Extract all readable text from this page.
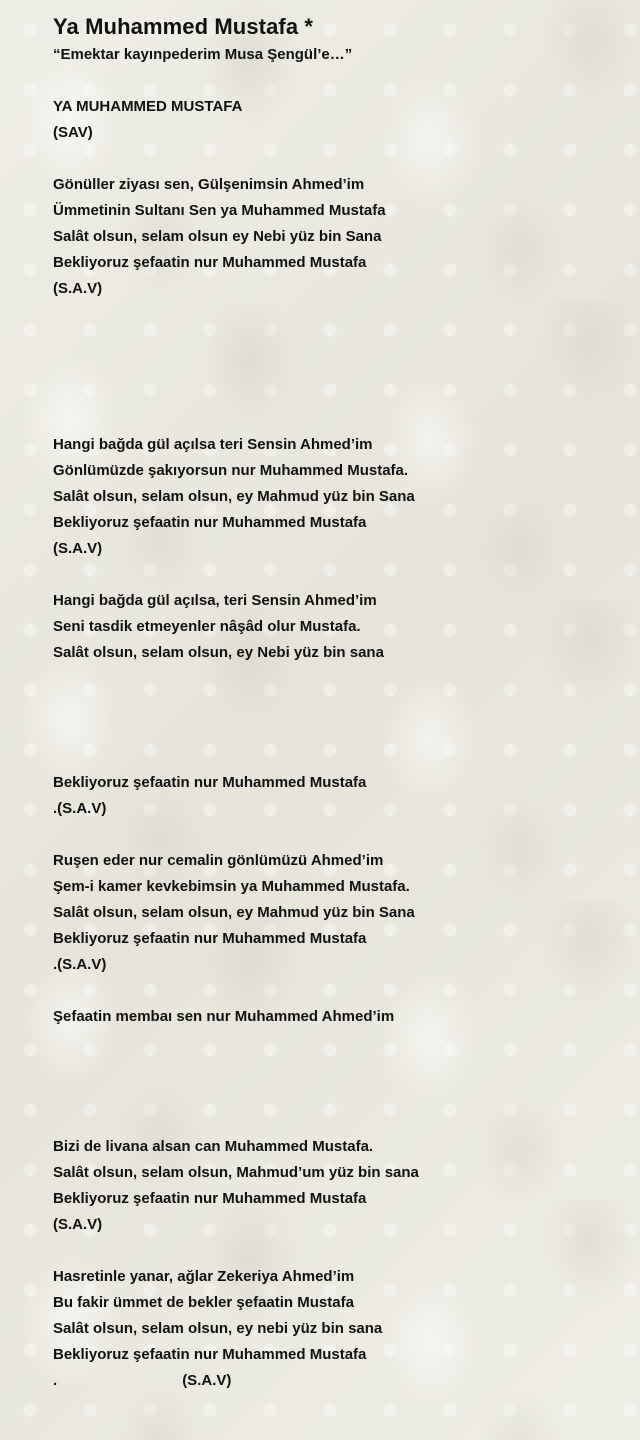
Ya Muhammed Mustafa *
“Emektar kayınpederim Musa Şengül’e…”
YA MUHAMMED MUSTAFA
(SAV)
Gönüller ziyası sen, Gülşenimsin Ahmed’im
Ümmetinin Sultanı Sen ya Muhammed Mustafa
Salât olsun, selam olsun ey Nebi yüz bin Sana
Bekliyoruz şefaatin nur Muhammed Mustafa
(S.A.V)
Hangi bağda gül açılsa teri Sensin Ahmed’im
Gönlümüzde şakıyorsun nur Muhammed Mustafa.
Salât olsun, selam olsun, ey Mahmud yüz bin Sana
Bekliyoruz şefaatin nur Muhammed Mustafa
(S.A.V)
Hangi bağda gül açılsa, teri Sensin Ahmed’im
Seni tasdik etmeyenler nâşâd olur Mustafa.
Salât olsun, selam olsun, ey Nebi yüz bin sana
Bekliyoruz şefaatin nur Muhammed Mustafa
.(S.A.V)
Ruşen eder nur cemalin gönlümüzü Ahmed’im
Şem-i kamer kevkebimsin ya Muhammed Mustafa.
Salât olsun, selam olsun, ey Mahmud yüz bin Sana
Bekliyoruz şefaatin nur Muhammed Mustafa
.(S.A.V)
Şefaatin membaı sen nur Muhammed Ahmed’im
Bizi de livana alsan can Muhammed Mustafa.
Salât olsun, selam olsun, Mahmud’um yüz bin sana
Bekliyoruz şefaatin nur Muhammed Mustafa
(S.A.V)
Hasretinle yanar, ağlar Zekeriya Ahmed’im
Bu fakir ümmet de bekler şefaatin Mustafa
Salât olsun, selam olsun, ey nebi yüz bin sana
Bekliyoruz şefaatin nur Muhammed Mustafa
.                              (S.A.V)
